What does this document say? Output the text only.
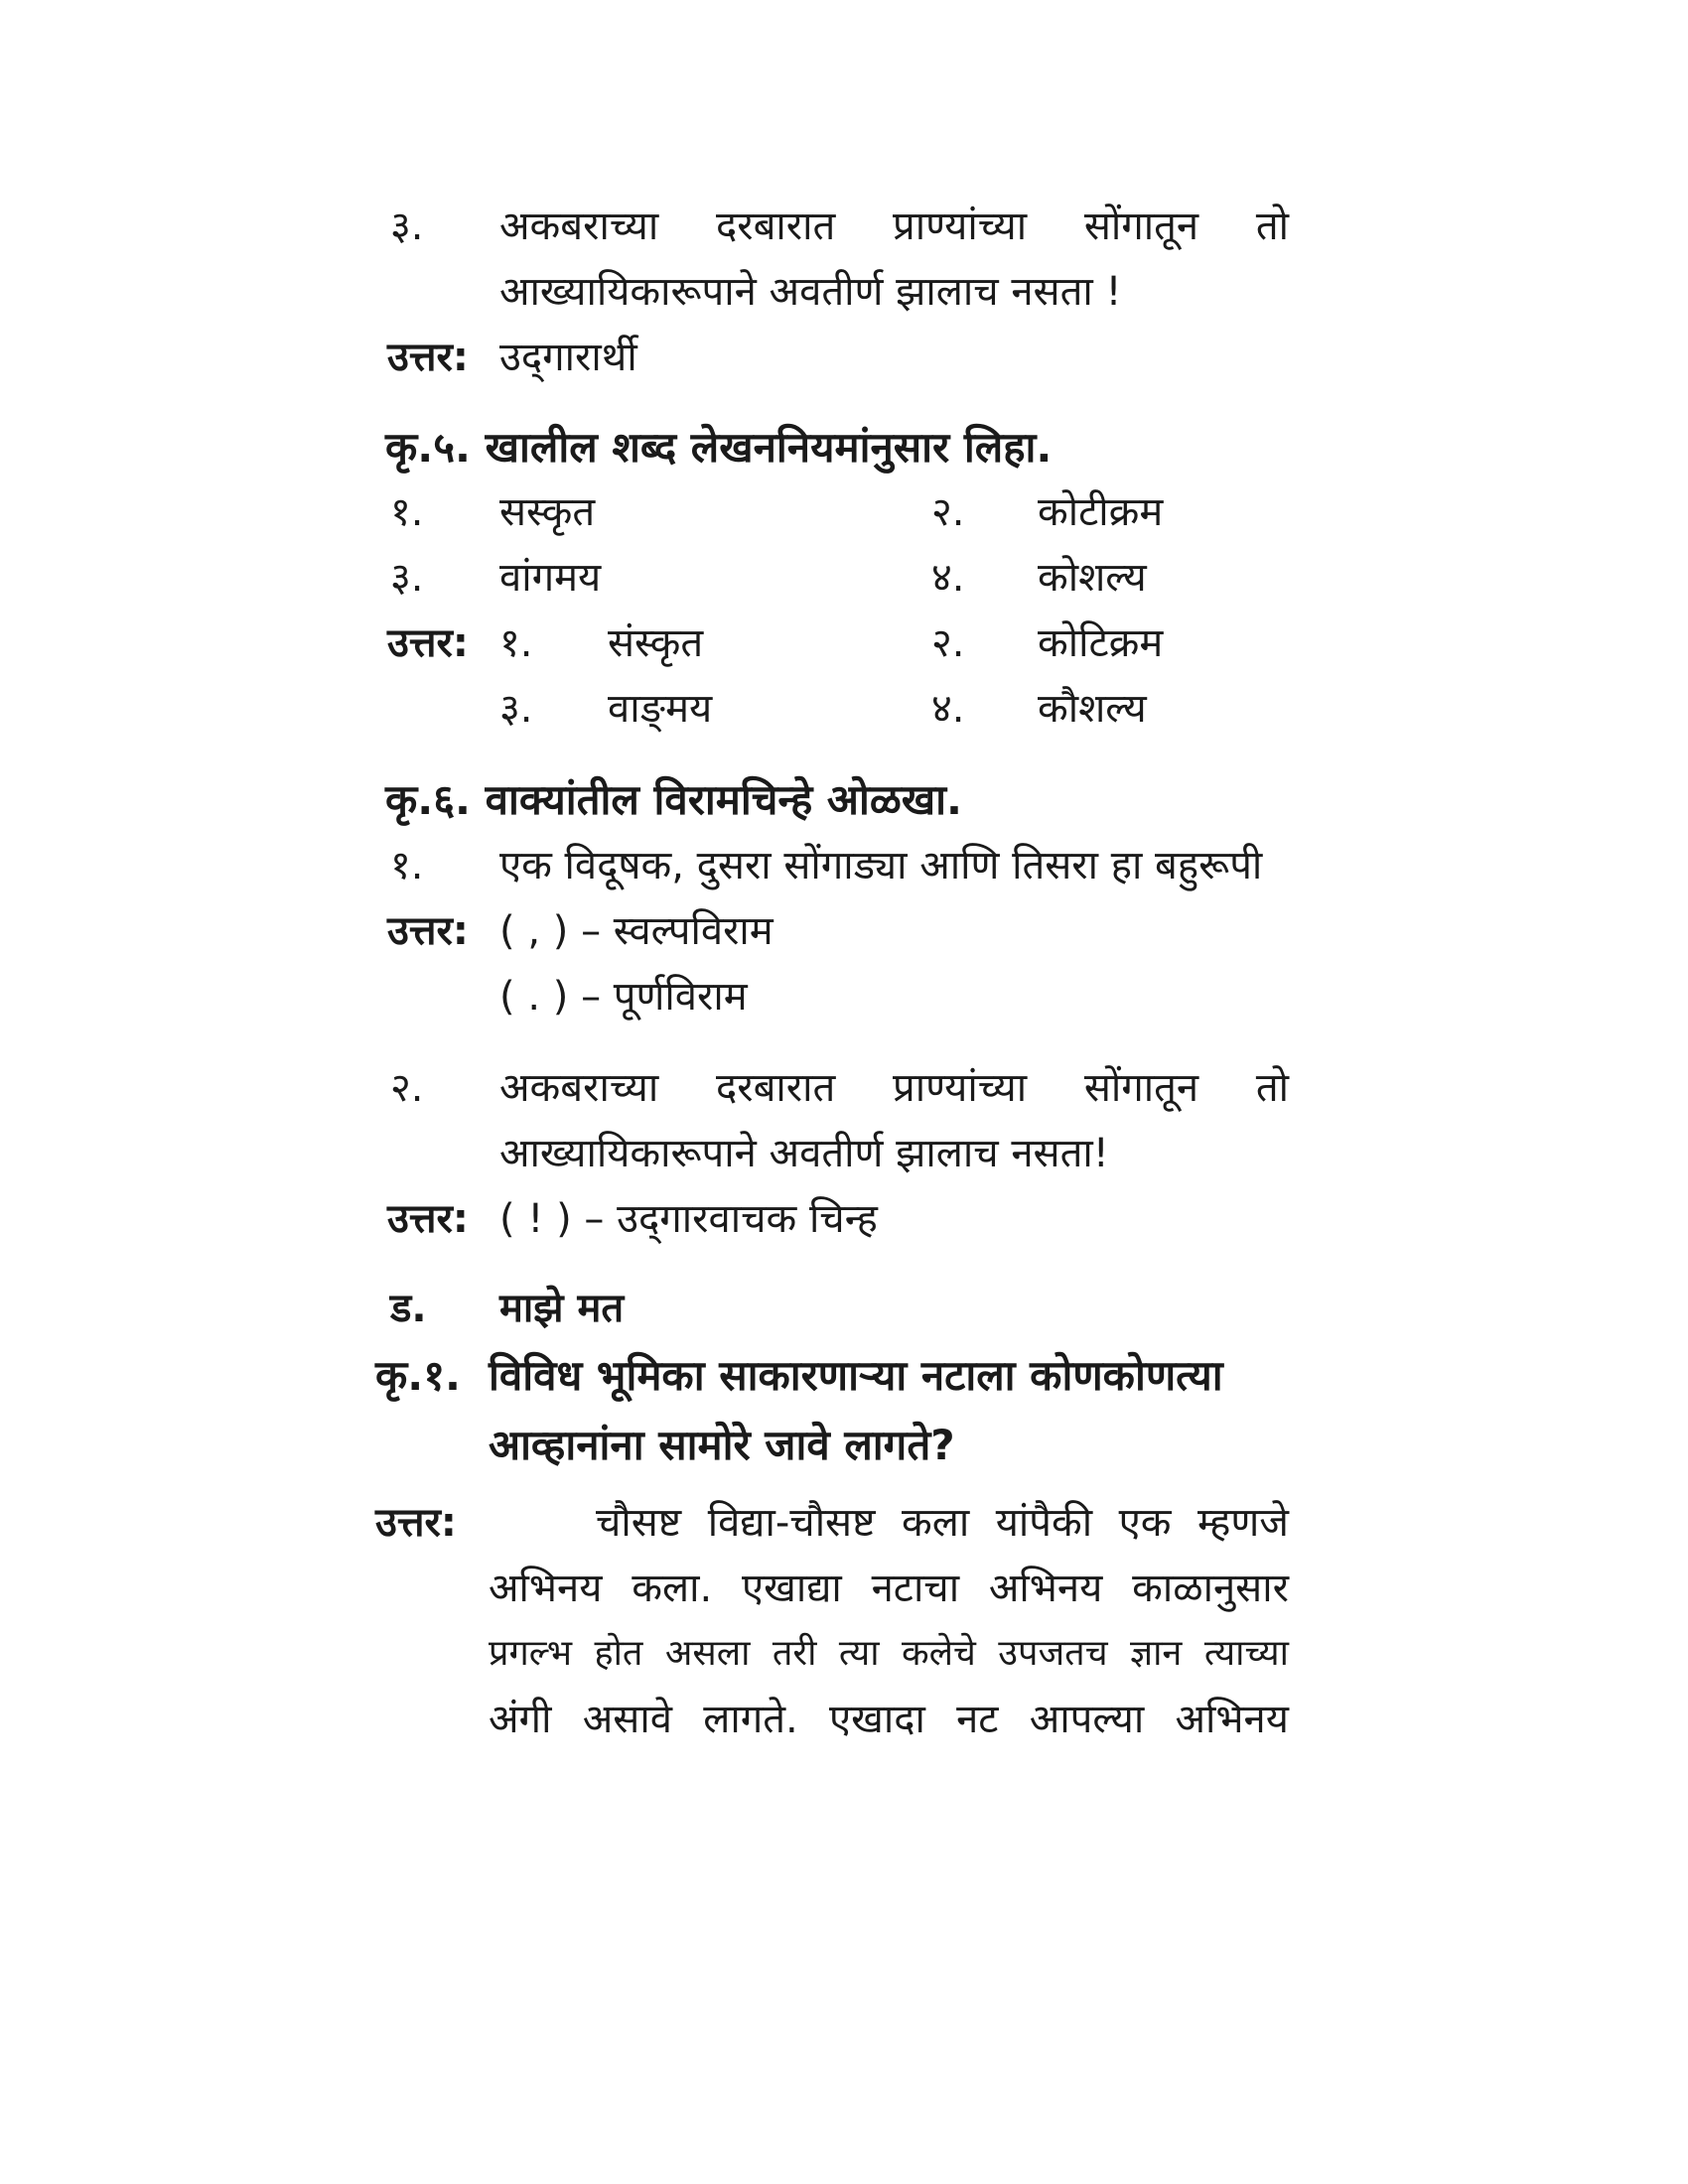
३. अकबराच्या दरबारात प्राण्यांच्या सोंगातून तो
आख्यायिकारूपाने अवतीर्ण झालाच नसता !
उत्तर: उद्‌गारार्थी
कृ.५. खालील शब्द लेखननियमांनुसार लिहा.
१. सस्कृत	२. कोटीक्रम
३. वांगमय	४. कोशल्य
उत्तर: १. संस्कृत	२. कोटिक्रम
३. वाङ्‌मय	४. कौशल्य
कृ.६. वाक्यांतील विरामचिन्हे ओळखा.
१. एक विदूषक, दुसरा सोंगाड्या आणि तिसरा हा बहुरूपी
उत्तर: ( , ) – स्वल्पविराम
( . ) – पूर्णविराम
२. अकबराच्या दरबारात प्राण्यांच्या सोंगातून तो
आख्यायिकारूपाने अवतीर्ण झालाच नसता!
उत्तर: ( ! ) – उद्‌गारवाचक चिन्ह
ड. माझे मत
कृ.१. विविध भूमिका साकारणाऱ्या नटाला कोणकोणत्या
आव्हानांना सामोरे जावे लागते?
उत्तर:	चौसष्ट विद्या-चौसष्ट कला यांपैकी एक म्हणजे
अभिनय कला. एखाद्या नटाचा अभिनय काळानुसार
प्रगल्भ होत असला तरी त्या कलेचे उपजतच ज्ञान त्याच्या
अंगी असावे लागते. एखादा नट आपल्या अभिनय
